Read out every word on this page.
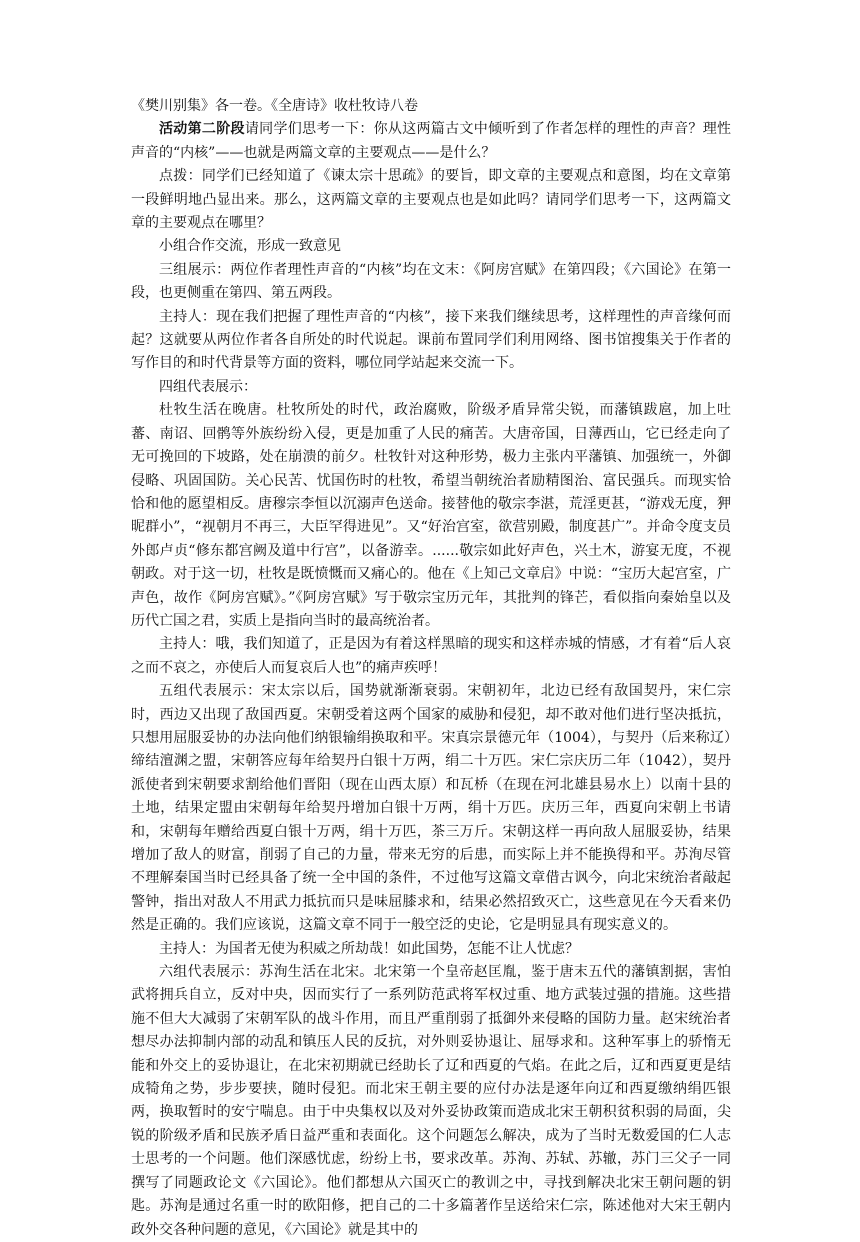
《樊川别集》各一卷。《全唐诗》收杜牧诗八卷

活动第二阶段请同学们思考一下：你从这两篇古文中倾听到了作者怎样的理性的声音？理性声音的“内核”——也就是两篇文章的主要观点——是什么？

点拨：同学们已经知道了《谏太宗十思疏》的要旨，即文章的主要观点和意图，均在文章第一段鲜明地凸显出来。那么，这两篇文章的主要观点也是如此吗？请同学们思考一下，这两篇文章的主要观点在哪里？

小组合作交流，形成一致意见

三组展示：两位作者理性声音的“内核”均在文末：《阿房宫赋》在第四段；《六国论》在第一段，也更侧重在第四、第五两段。

主持人：现在我们把握了理性声音的“内核”，接下来我们继续思考，这样理性的声音缘何而起？这就要从两位作者各自所处的时代说起。课前布置同学们利用网络、图书馆搜集关于作者的写作目的和时代背景等方面的资料，哪位同学站起来交流一下。

四组代表展示：

杜牧生活在晚唐。杜牧所处的时代，政治腐败，阶级矛盾异常尖锐，而藩镇跋扈，加上吐蕃、南诏、回鹘等外族纷纷入侵，更是加重了人民的痛苦。大唐帝国，日薄西山，它已经走向了无可挽回的下坡路，处在崩溃的前夕。杜牧针对这种形势，极力主张内平藩镇、加强统一，外御侵略、巩固国防。关心民苦、忧国伤时的杜牧，希望当朝统治者励精图治、富民强兵。而现实恰恰和他的愿望相反。唐穆宗李恒以沉溺声色送命。接替他的敬宗李湛，荒淫更甚，“游戏无度，狎昵群小”，“视朝月不再三，大臣罕得进见”。又“好治宫室，欲营别殿，制度甚广”。并命令度支员外郎卢贞“修东都宫阙及道中行宫”，以备游幸。......敬宗如此好声色，兴土木，游宴无度，不视朝政。对于这一切，杜牧是既愤慨而又痛心的。他在《上知己文章启》中说：“宝历大起宫室，广声色，故作《阿房宫赋》。”《阿房宫赋》写于敬宗宝历元年，其批判的锋芒，看似指向秦始皇以及历代亡国之君，实质上是指向当时的最高统治者。

主持人：哦，我们知道了，正是因为有着这样黑暗的现实和这样赤城的情感，才有着“后人哀之而不哀之，亦使后人而复哀后人也”的痛声疾呼！

五组代表展示：宋太宗以后，国势就渐渐衰弱。宋朝初年，北边已经有敌国契丹，宋仁宗时，西边又出现了敌国西夏。宋朝受着这两个国家的威胁和侵犯，却不敢对他们进行坚决抵抗，只想用屈服妥协的办法向他们纳银输绢换取和平。宋真宗景德元年（1004），与契丹（后来称辽）缔结澶渊之盟，宋朝答应每年给契丹白银十万两，绢二十万匹。宋仁宗庆历二年（1042），契丹派使者到宋朝要求割给他们晋阳（现在山西太原）和瓦桥（在现在河北雄县易水上）以南十县的土地，结果定盟由宋朝每年给契丹增加白银十万两，绢十万匹。庆历三年，西夏向宋朝上书请和，宋朝每年赠给西夏白银十万两，绢十万匹，茶三万斤。宋朝这样一再向敌人屈服妥协，结果增加了敌人的财富，削弱了自己的力量，带来无穷的后患，而实际上并不能换得和平。苏洵尽管不理解秦国当时已经具备了统一全中国的条件，不过他写这篇文章借古讽今，向北宋统治者敲起警钟，指出对敌人不用武力抵抗而只是味屈膝求和，结果必然招致灭亡，这些意见在今天看来仍然是正确的。我们应该说，这篇文章不同于一般空泛的史论，它是明显具有现实意义的。

主持人：为国者无使为积威之所劫哉！如此国势，怎能不让人忧虑？

六组代表展示：苏洵生活在北宋。北宋第一个皇帝赵匡胤，鉴于唐末五代的藩镇割据，害怕武将拥兵自立，反对中央，因而实行了一系列防范武将军权过重、地方武装过强的措施。这些措施不但大大减弱了宋朝军队的战斗作用，而且严重削弱了抵御外来侵略的国防力量。赵宋统治者想尽办法抑制内部的动乱和镇压人民的反抗，对外则妥协退让、屈辱求和。这种军事上的骄惰无能和外交上的妥协退让，在北宋初期就已经助长了辽和西夏的气焰。在此之后，辽和西夏更是结成犄角之势，步步要挟，随时侵犯。而北宋王朝主要的应付办法是逐年向辽和西夏缴纳绢匹银两，换取暂时的安宁喘息。由于中央集权以及对外妥协政策而造成北宋王朝积贫积弱的局面，尖锐的阶级矛盾和民族矛盾日益严重和表面化。这个问题怎么解决，成为了当时无数爱国的仁人志士思考的一个问题。他们深感忧虑，纷纷上书，要求改革。苏洵、苏轼、苏辙，苏门三父子一同撰写了同题政论文《六国论》。他们都想从六国灭亡的教训之中，寻找到解决北宋王朝问题的钥匙。苏洵是通过名重一时的欧阳修，把自己的二十多篇著作呈送给宋仁宗，陈述他对大宋王朝内政外交各种问题的意见，《六国论》就是其中的
